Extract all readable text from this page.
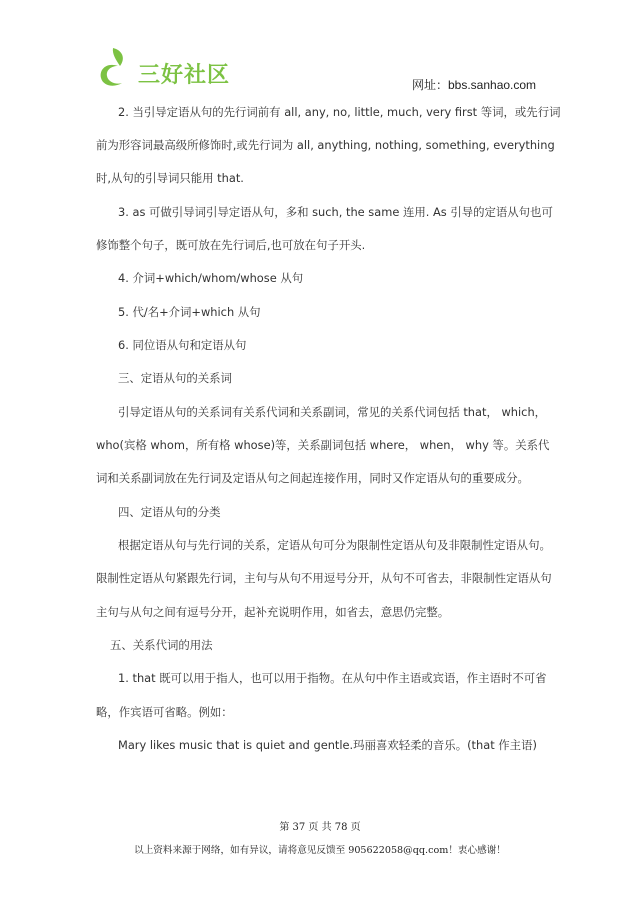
三好社区	网址：bbs.sanhao.com
2. 当引导定语从句的先行词前有 all, any, no, little, much, very first 等词，或先行词
前为形容词最高级所修饰时,或先行词为 all, anything, nothing, something, everything
时,从句的引导词只能用 that.
3. as 可做引导词引导定语从句，多和 such, the same 连用. As 引导的定语从句也可
修饰整个句子，既可放在先行词后,也可放在句子开头.
4. 介词+which/whom/whose 从句
5. 代/名+介词+which 从句
6. 同位语从句和定语从句
三、定语从句的关系词
引导定语从句的关系词有关系代词和关系副词，常见的关系代词包括 that， which，
who(宾格 whom，所有格 whose)等，关系副词包括 where， when， why 等。关系代
词和关系副词放在先行词及定语从句之间起连接作用，同时又作定语从句的重要成分。
四、定语从句的分类
根据定语从句与先行词的关系，定语从句可分为限制性定语从句及非限制性定语从句。
限制性定语从句紧跟先行词，主句与从句不用逗号分开，从句不可省去，非限制性定语从句
主句与从句之间有逗号分开，起补充说明作用，如省去，意思仍完整。
五、关系代词的用法
1. that 既可以用于指人，也可以用于指物。在从句中作主语或宾语，作主语时不可省
略，作宾语可省略。例如：
Mary likes music that is quiet and gentle.玛丽喜欢轻柔的音乐。(that 作主语)
第 37 页 共 78 页
以上资料来源于网络，如有异议，请将意见反馈至 905622058@qq.com！衷心感谢！
